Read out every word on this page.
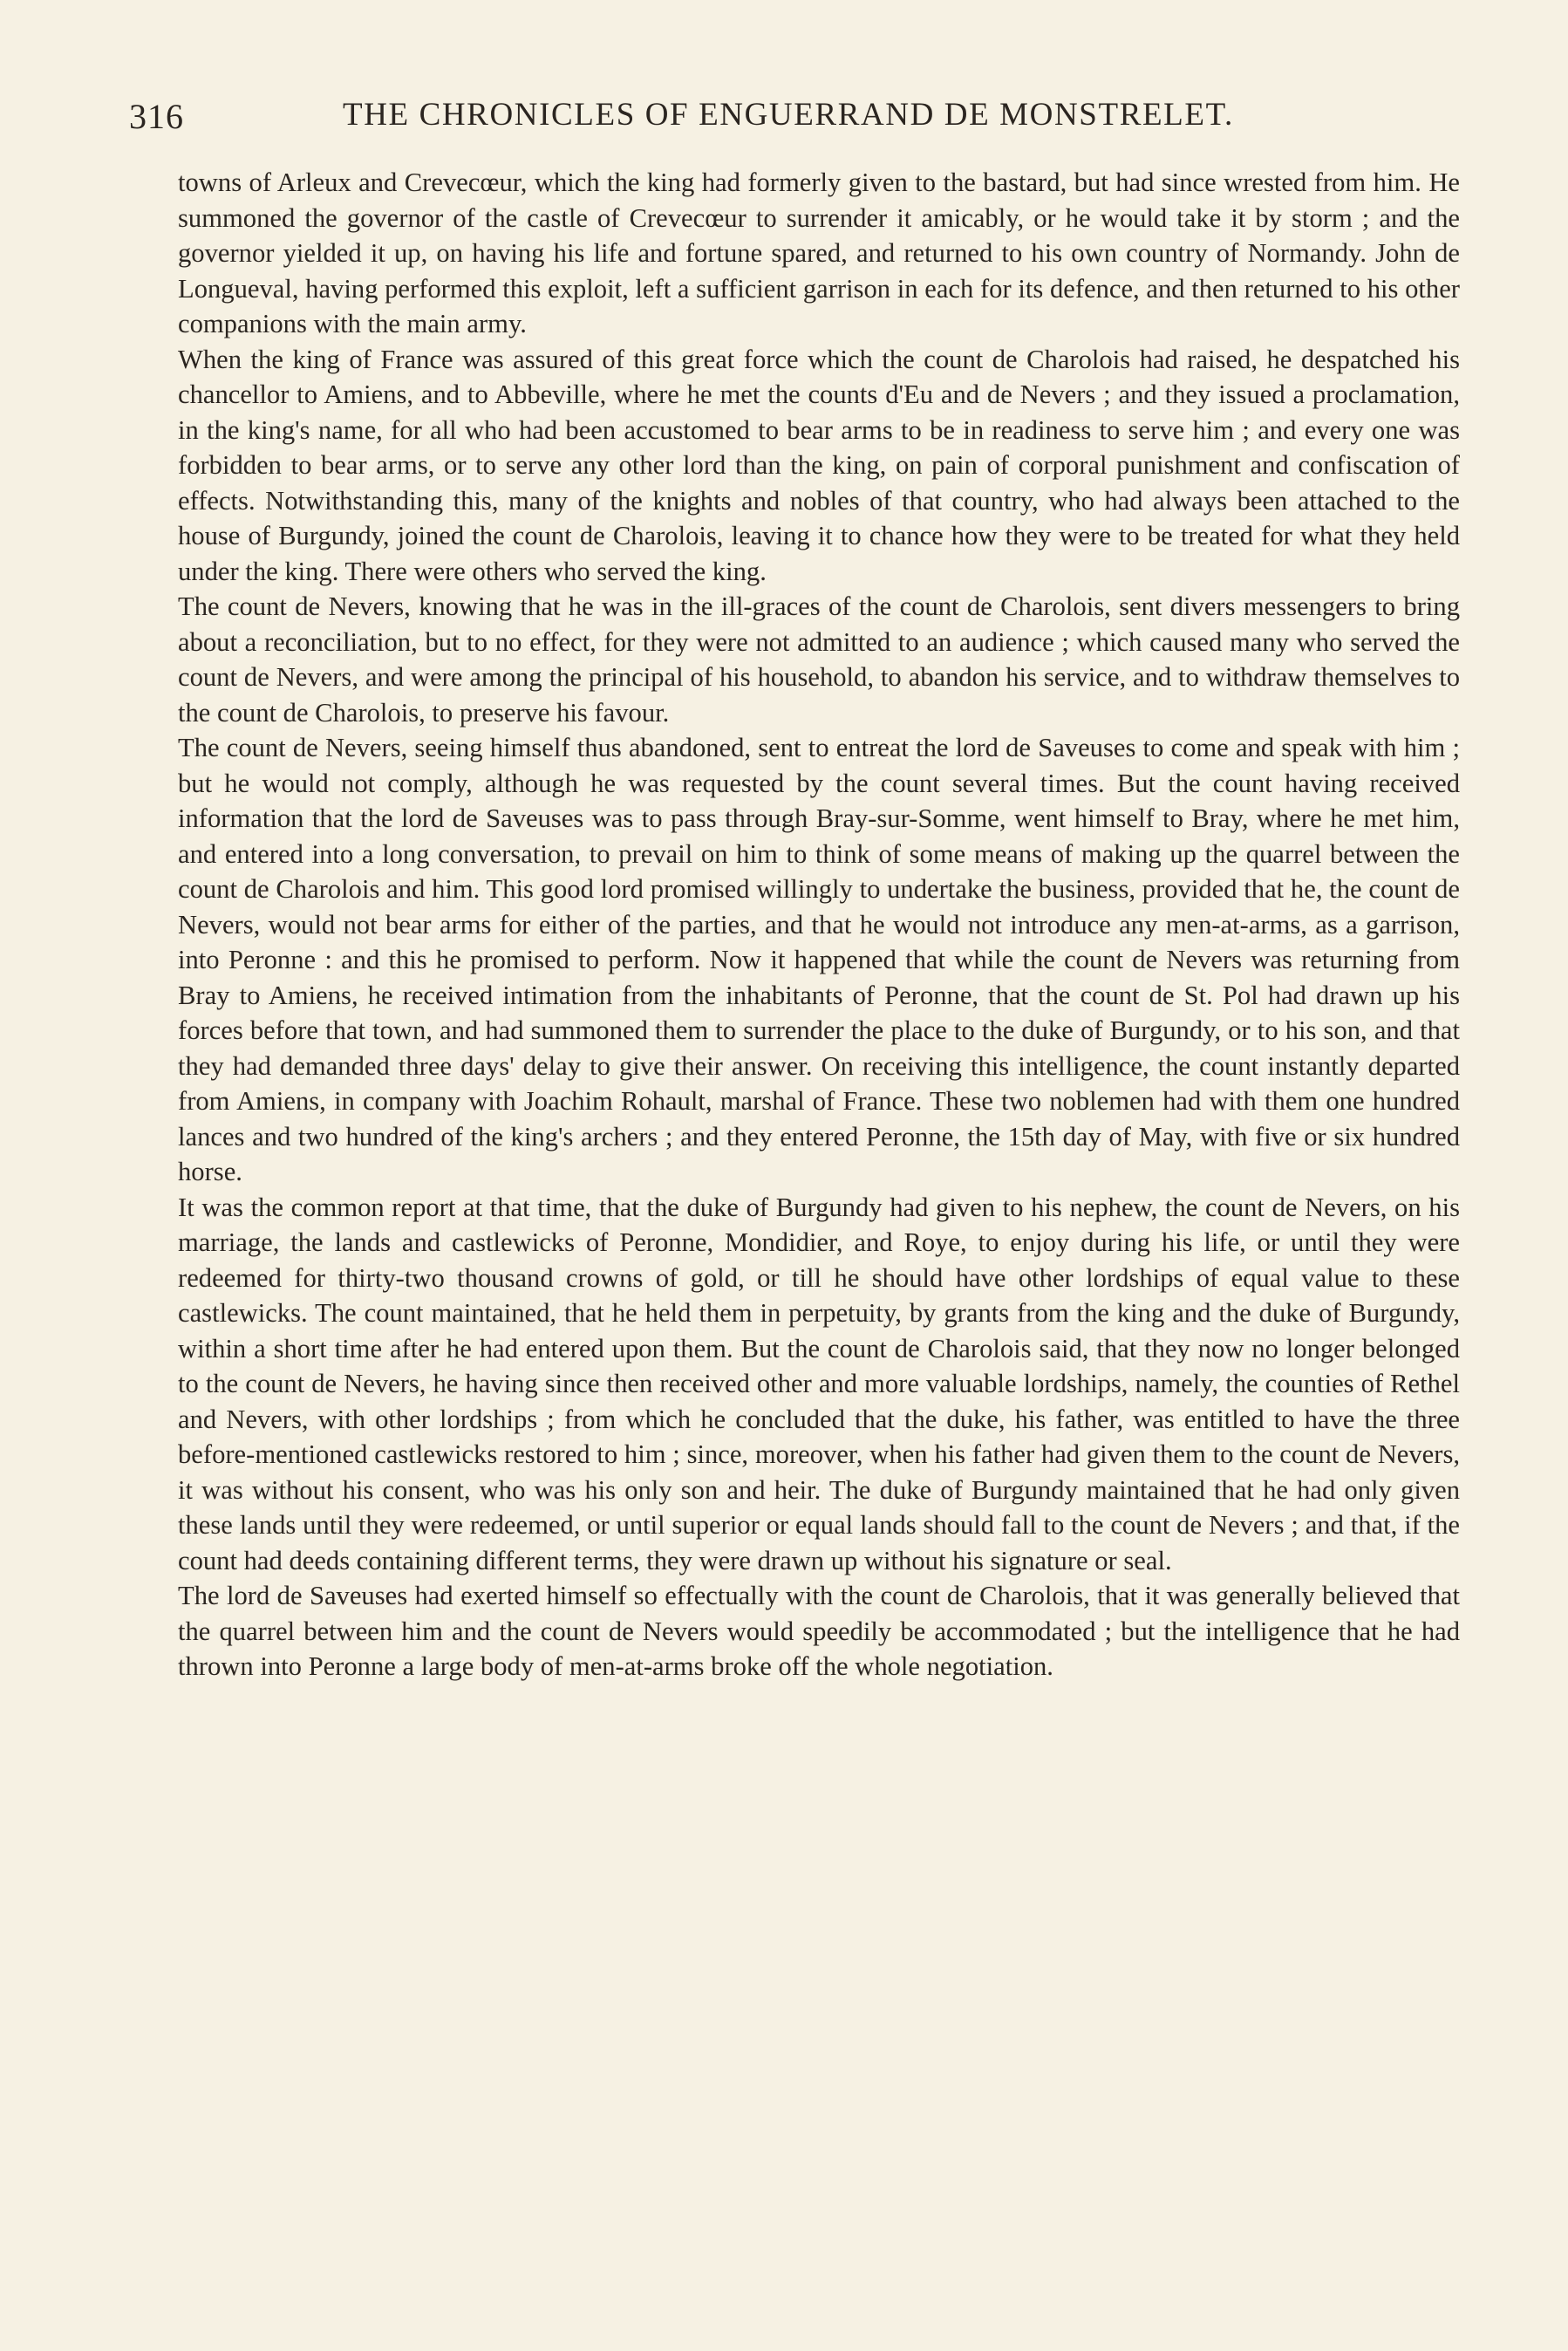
316	THE CHRONICLES OF ENGUERRAND DE MONSTRELET.

towns of Arleux and Crevecœur, which the king had formerly given to the bastard, but had since wrested from him. He summoned the governor of the castle of Crevecœur to surrender it amicably, or he would take it by storm ; and the governor yielded it up, on having his life and fortune spared, and returned to his own country of Normandy. John de Longueval, having performed this exploit, left a sufficient garrison in each for its defence, and then returned to his other companions with the main army.

When the king of France was assured of this great force which the count de Charolois had raised, he despatched his chancellor to Amiens, and to Abbeville, where he met the counts d'Eu and de Nevers ; and they issued a proclamation, in the king's name, for all who had been accustomed to bear arms to be in readiness to serve him ; and every one was forbidden to bear arms, or to serve any other lord than the king, on pain of corporal punishment and confiscation of effects. Notwithstanding this, many of the knights and nobles of that country, who had always been attached to the house of Burgundy, joined the count de Charolois, leaving it to chance how they were to be treated for what they held under the king. There were others who served the king.

The count de Nevers, knowing that he was in the ill-graces of the count de Charolois, sent divers messengers to bring about a reconciliation, but to no effect, for they were not admitted to an audience ; which caused many who served the count de Nevers, and were among the principal of his household, to abandon his service, and to withdraw themselves to the count de Charolois, to preserve his favour.

The count de Nevers, seeing himself thus abandoned, sent to entreat the lord de Saveuses to come and speak with him ; but he would not comply, although he was requested by the count several times. But the count having received information that the lord de Saveuses was to pass through Bray-sur-Somme, went himself to Bray, where he met him, and entered into a long conversation, to prevail on him to think of some means of making up the quarrel between the count de Charolois and him. This good lord promised willingly to undertake the business, provided that he, the count de Nevers, would not bear arms for either of the parties, and that he would not introduce any men-at-arms, as a garrison, into Peronne : and this he promised to perform. Now it happened that while the count de Nevers was returning from Bray to Amiens, he received intimation from the inhabitants of Peronne, that the count de St. Pol had drawn up his forces before that town, and had summoned them to surrender the place to the duke of Burgundy, or to his son, and that they had demanded three days' delay to give their answer. On receiving this intelligence, the count instantly departed from Amiens, in company with Joachim Rohault, marshal of France. These two noblemen had with them one hundred lances and two hundred of the king's archers ; and they entered Peronne, the 15th day of May, with five or six hundred horse.

It was the common report at that time, that the duke of Burgundy had given to his nephew, the count de Nevers, on his marriage, the lands and castlewicks of Peronne, Mondidier, and Roye, to enjoy during his life, or until they were redeemed for thirty-two thousand crowns of gold, or till he should have other lordships of equal value to these castlewicks. The count maintained, that he held them in perpetuity, by grants from the king and the duke of Burgundy, within a short time after he had entered upon them. But the count de Charolois said, that they now no longer belonged to the count de Nevers, he having since then received other and more valuable lordships, namely, the counties of Rethel and Nevers, with other lordships ; from which he concluded that the duke, his father, was entitled to have the three before-mentioned castlewicks restored to him ; since, moreover, when his father had given them to the count de Nevers, it was without his consent, who was his only son and heir. The duke of Burgundy maintained that he had only given these lands until they were redeemed, or until superior or equal lands should fall to the count de Nevers ; and that, if the count had deeds containing different terms, they were drawn up without his signature or seal.

The lord de Saveuses had exerted himself so effectually with the count de Charolois, that it was generally believed that the quarrel between him and the count de Nevers would speedily be accommodated ; but the intelligence that he had thrown into Peronne a large body of men-at-arms broke off the whole negotiation.
